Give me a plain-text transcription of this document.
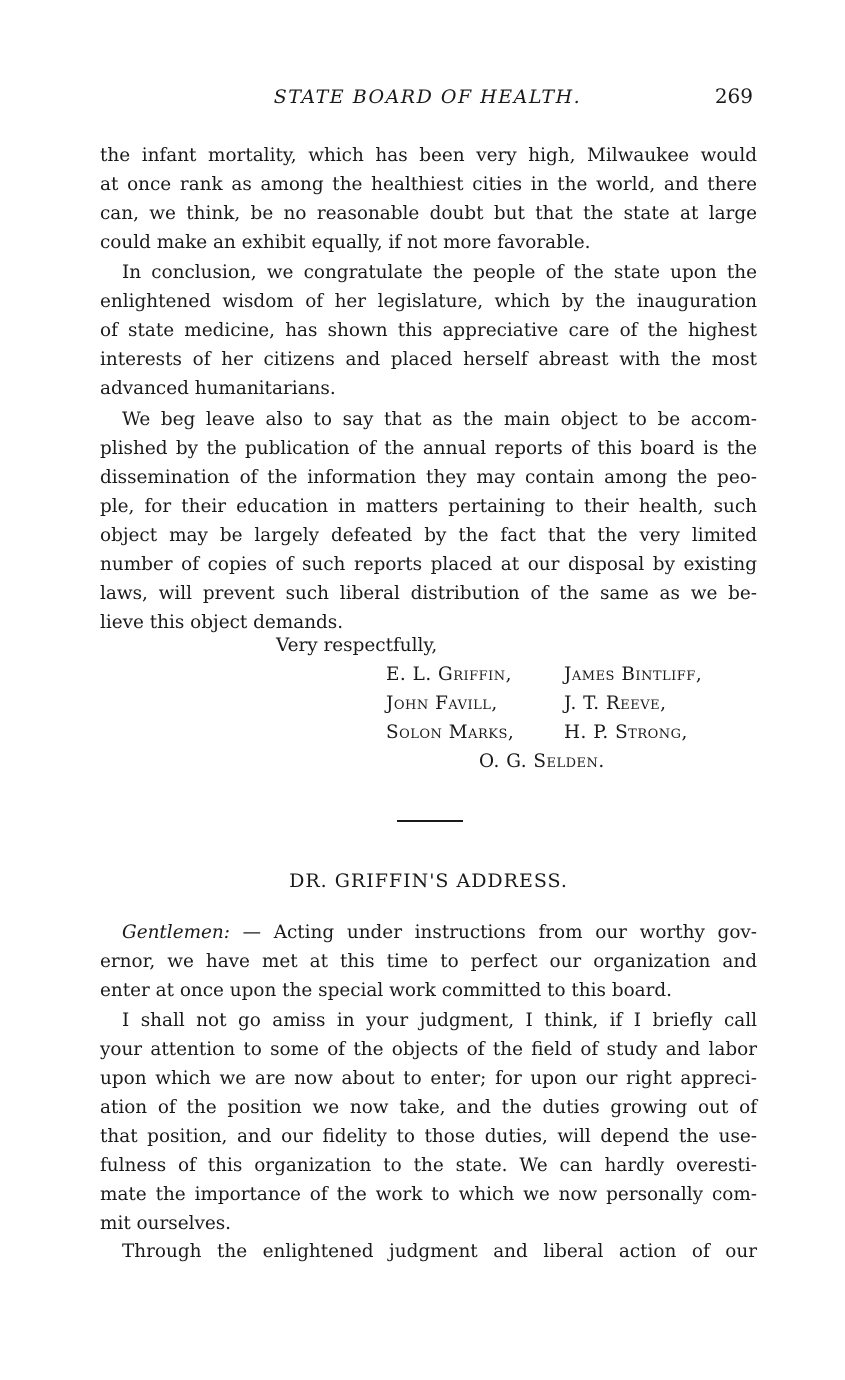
STATE BOARD OF HEALTH.	269
the infant mortality, which has been very high, Milwaukee would
at once rank as among the healthiest cities in the world, and there
can, we think, be no reasonable doubt but that the state at large
could make an exhibit equally, if not more favorable.
In conclusion, we congratulate the people of the state upon the
enlightened wisdom of her legislature, which by the inauguration
of state medicine, has shown this appreciative care of the highest
interests of her citizens and placed herself abreast with the most
advanced humanitarians.
We beg leave also to say that as the main object to be accom-
plished by the publication of the annual reports of this board is the
dissemination of the information they may contain among the peo-
ple, for their education in matters pertaining to their health, such
object may be largely defeated by the fact that the very limited
number of copies of such reports placed at our disposal by existing
laws, will prevent such liberal distribution of the same as we be-
lieve this object demands.
Very respectfully,
E. L. Griffin,	James Bintliff,
John Favill,	J. T. Reeve,
Solon Marks,	H. P. Strong,
O. G. Selden.
DR. GRIFFIN'S ADDRESS.
Gentlemen: — Acting under instructions from our worthy gov-
ernor, we have met at this time to perfect our organization and
enter at once upon the special work committed to this board.
I shall not go amiss in your judgment, I think, if I briefly call
your attention to some of the objects of the field of study and labor
upon which we are now about to enter; for upon our right appreci-
ation of the position we now take, and the duties growing out of
that position, and our fidelity to those duties, will depend the use-
fulness of this organization to the state. We can hardly overesti-
mate the importance of the work to which we now personally com-
mit ourselves.
Through the enlightened judgment and liberal action of our
